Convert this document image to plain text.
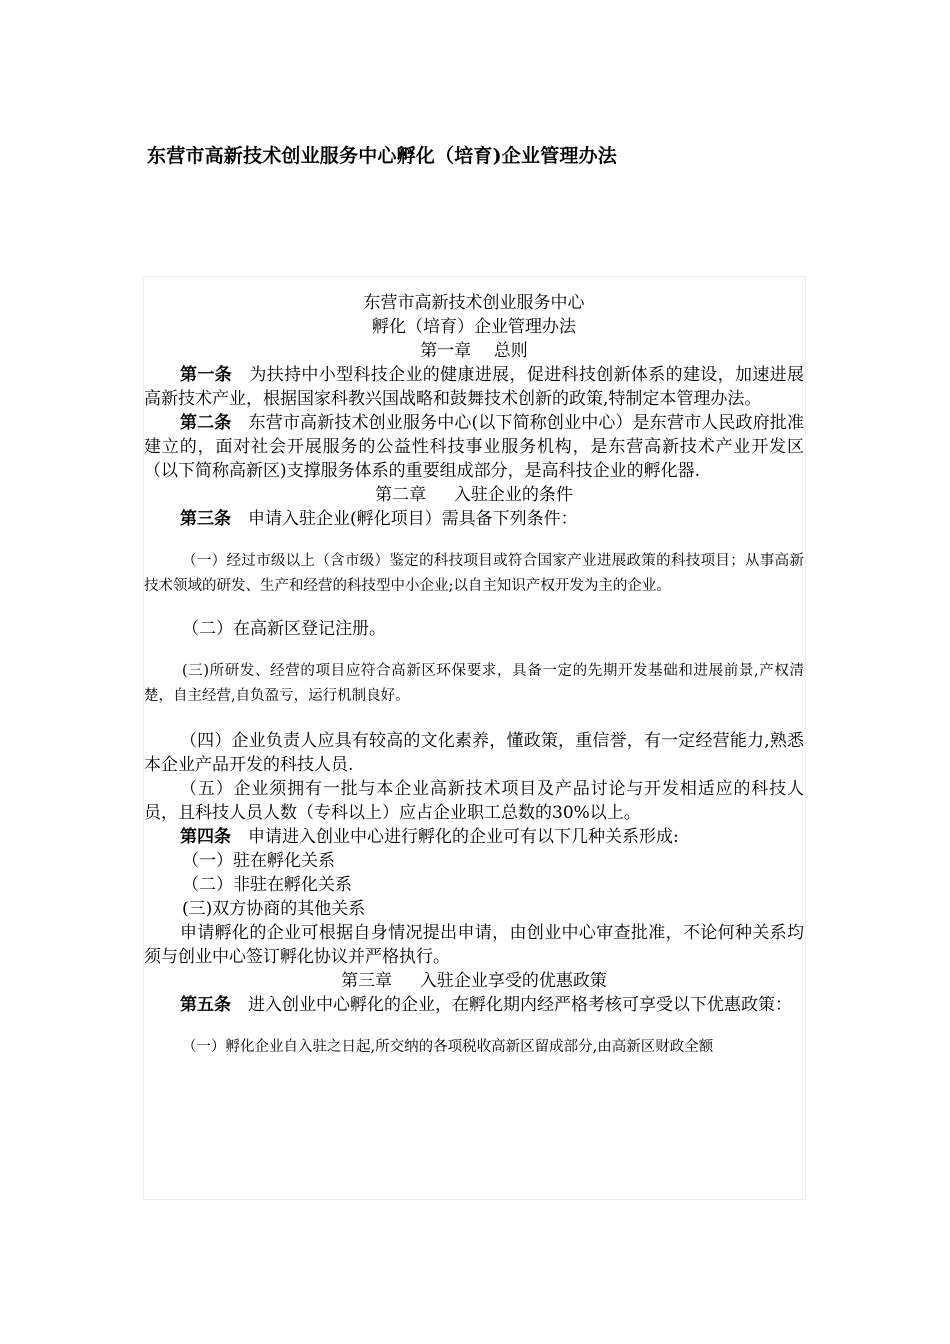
东营市高新技术创业服务中心孵化（培育)企业管理办法
东营市高新技术创业服务中心
孵化（培育）企业管理办法
第一章　 总则

第一条　为扶持中小型科技企业的健康进展，促进科技创新体系的建设，加速进展高新技术产业，根据国家科教兴国战略和鼓舞技术创新的政策,特制定本管理办法。

第二条　东营市高新技术创业服务中心(以下简称创业中心）是东营市人民政府批准建立的，面对社会开展服务的公益性科技事业服务机构，是东营高新技术产业开发区（以下简称高新区)支撑服务体系的重要组成部分，是高科技企业的孵化器.

第二章 　 入驻企业的条件

第三条　申请入驻企业(孵化项目）需具备下列条件：

（一）经过市级以上（含市级）鉴定的科技项目或符合国家产业进展政策的科技项目；从事高新技术领域的研发、生产和经营的科技型中小企业;以自主知识产权开发为主的企业。

（二）在高新区登记注册。

(三)所研发、经营的项目应符合高新区环保要求，具备一定的先期开发基础和进展前景,产权清楚，自主经营,自负盈亏，运行机制良好。

（四）企业负责人应具有较高的文化素养，懂政策，重信誉，有一定经营能力,熟悉本企业产品开发的科技人员.

（五）企业须拥有一批与本企业高新技术项目及产品讨论与开发相适应的科技人员，且科技人员人数（专科以上）应占企业职工总数的30%以上。

第四条　申请进入创业中心进行孵化的企业可有以下几种关系形成:

（一）驻在孵化关系

（二）非驻在孵化关系

(三)双方协商的其他关系

申请孵化的企业可根据自身情况提出申请，由创业中心审查批准，不论何种关系均须与创业中心签订孵化协议并严格执行。

第三章 　 入驻企业享受的优惠政策

第五条　进入创业中心孵化的企业，在孵化期内经严格考核可享受以下优惠政策：

（一）孵化企业自入驻之日起,所交纳的各项税收高新区留成部分,由高新区财政全额
